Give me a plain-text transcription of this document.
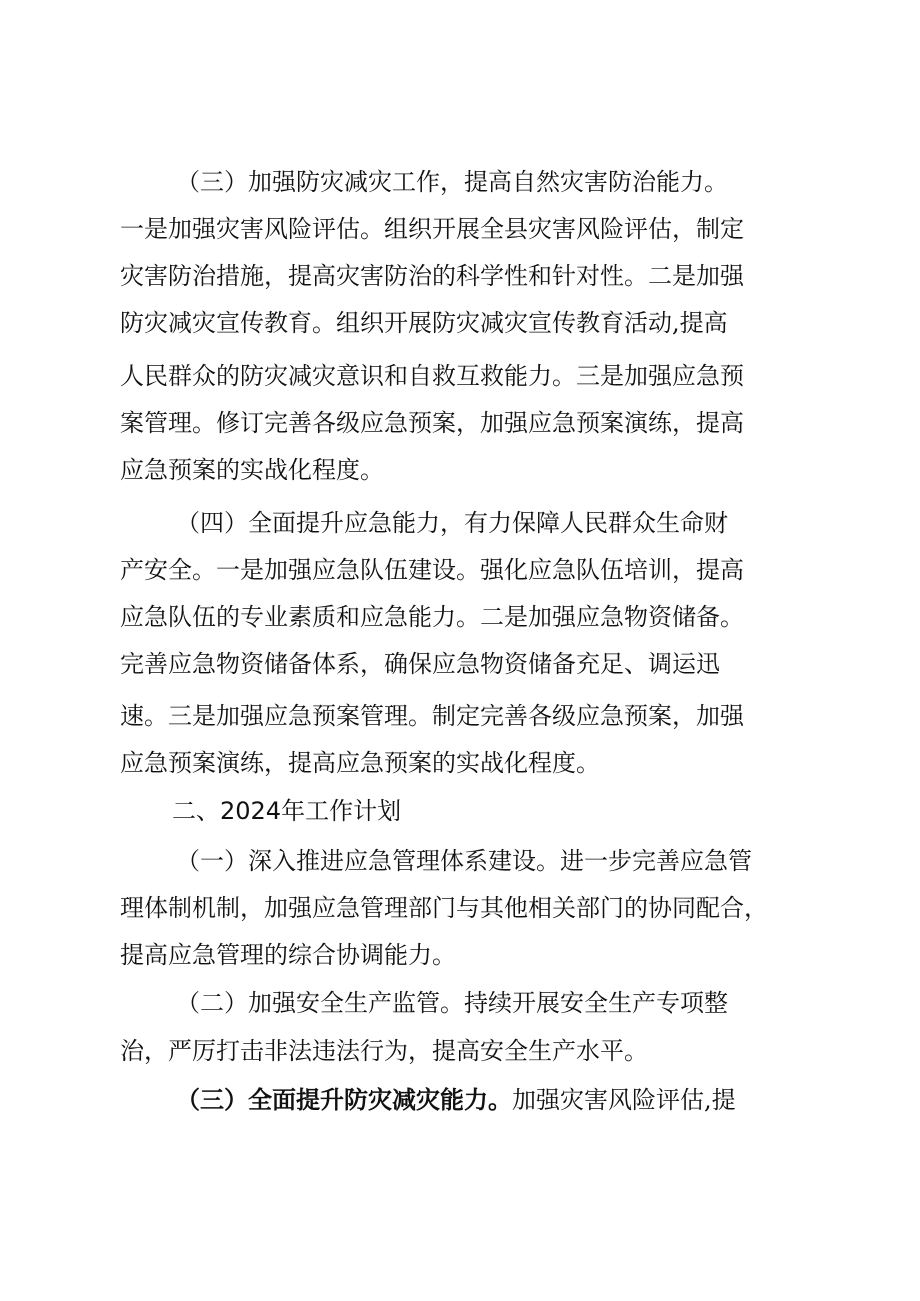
（三）加强防灾减灾工作，提高自然灾害防治能力。
一是加强灾害风险评估。组织开展全县灾害风险评估，制定
灾害防治措施，提高灾害防治的科学性和针对性。二是加强
防灾减灾宣传教育。组织开展防灾减灾宣传教育活动,提高
人民群众的防灾减灾意识和自救互救能力。三是加强应急预
案管理。修订完善各级应急预案，加强应急预案演练，提高
应急预案的实战化程度。
（四）全面提升应急能力，有力保障人民群众生命财
产安全。一是加强应急队伍建设。强化应急队伍培训，提高
应急队伍的专业素质和应急能力。二是加强应急物资储备。
完善应急物资储备体系，确保应急物资储备充足、调运迅
速。三是加强应急预案管理。制定完善各级应急预案，加强
应急预案演练，提高应急预案的实战化程度。
二、2024年工作计划
（一）深入推进应急管理体系建设。进一步完善应急管
理体制机制，加强应急管理部门与其他相关部门的协同配合，
提高应急管理的综合协调能力。
（二）加强安全生产监管。持续开展安全生产专项整
治，严厉打击非法违法行为，提高安全生产水平。
（三）全面提升防灾减灾能力。加强灾害风险评估,提
